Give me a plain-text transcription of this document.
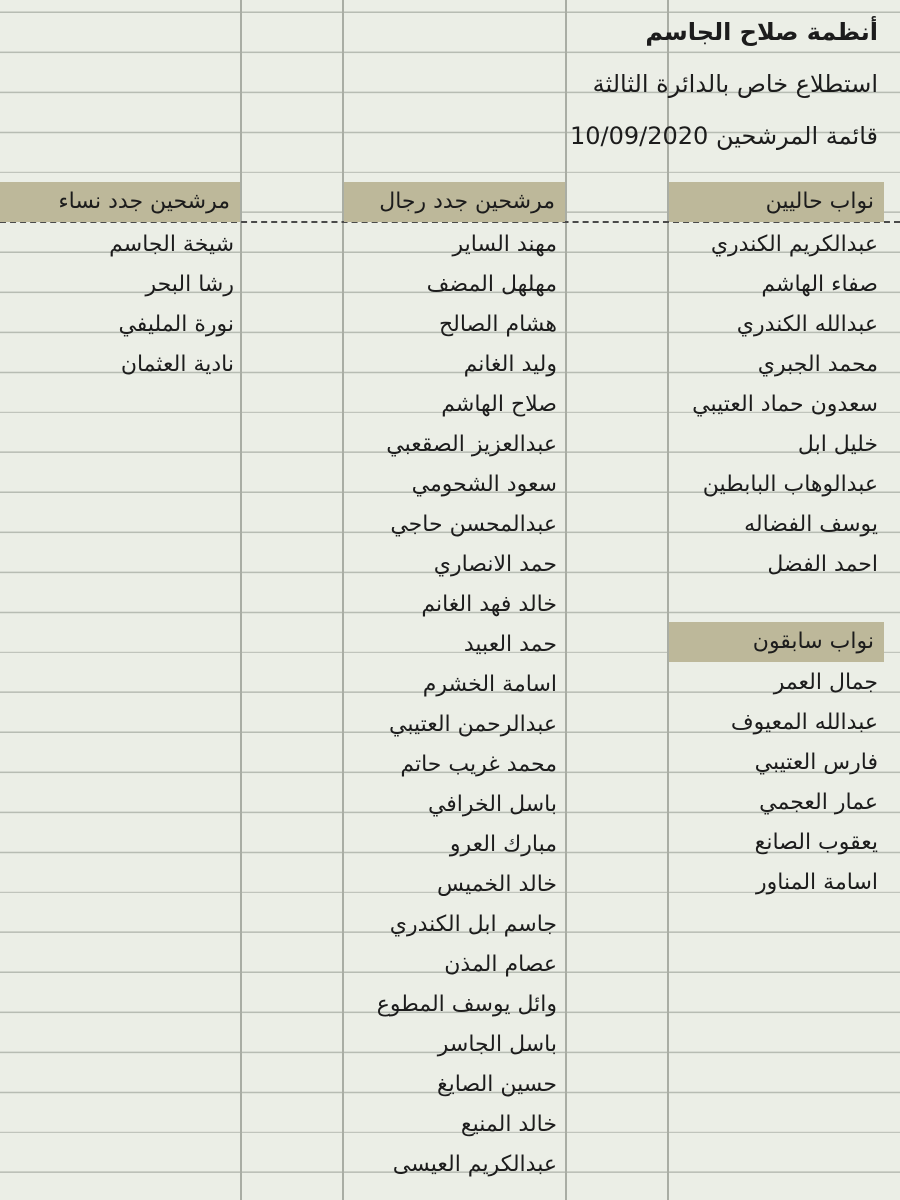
أنظمة صلاح الجاسم
استطلاع خاص بالدائرة الثالثة
قائمة المرشحين 10/09/2020
نواب حاليين
مرشحين جدد رجال
مرشحين جدد نساء
عبدالكريم الكندري
صفاء الهاشم
عبدالله الكندري
محمد الجبري
سعدون حماد العتيبي
خليل ابل
عبدالوهاب البابطين
يوسف الفضاله
احمد الفضل
نواب سابقون
جمال العمر
عبدالله المعيوف
فارس العتيبي
عمار العجمي
يعقوب الصانع
اسامة المناور
مهند الساير
مهلهل المضف
هشام الصالح
وليد الغانم
صلاح الهاشم
عبدالعزيز الصقعبي
سعود الشحومي
عبدالمحسن حاجي
حمد الانصاري
خالد فهد الغانم
حمد العبيد
اسامة الخشرم
عبدالرحمن العتيبي
محمد غريب حاتم
باسل الخرافي
مبارك العرو
خالد الخميس
جاسم ابل الكندري
عصام المذن
وائل يوسف المطوع
باسل الجاسر
حسين الصايغ
خالد المنيع
عبدالكريم العيسى
شيخة الجاسم
رشا البحر
نورة المليفي
نادية العثمان
